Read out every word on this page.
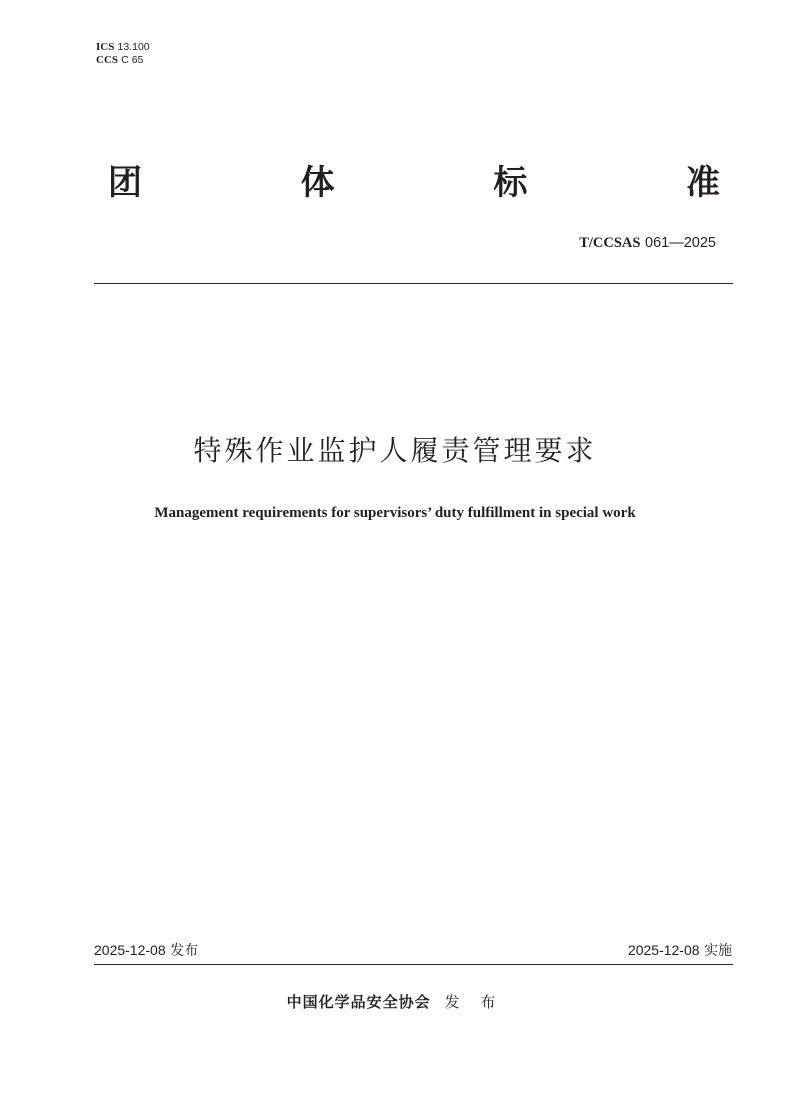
ICS 13.100
CCS C 65
团	体	标	准
T/CCSAS 061—2025
特殊作业监护人履责管理要求
Management requirements for supervisors’ duty fulfillment in special work
2025-12-08 发布	2025-12-08 实施
中国化学品安全协会 发 布
